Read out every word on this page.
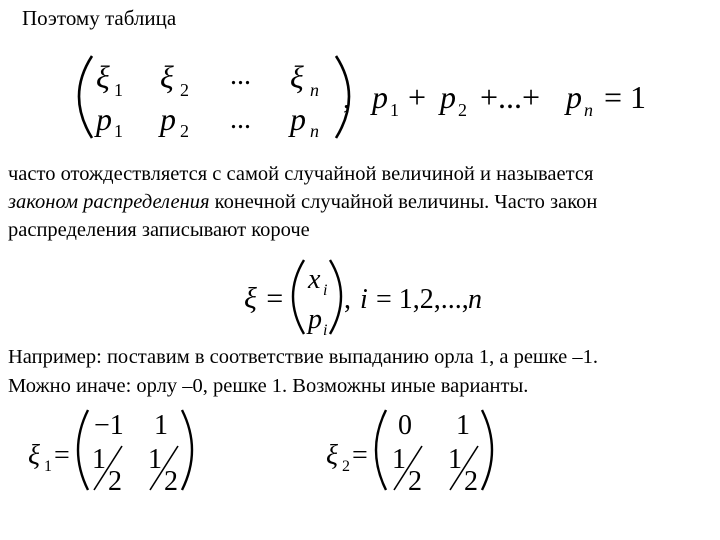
Поэтому таблица
ξ 1 ξ 2 ... ξ n
p 1 p 2 ... p n
, p 1 + p 2 +...+ p n = 1
ξ =
x i
p i
, i = 1,2,..., n
ξ 1 =
−1 1
1
2
1
2
ξ 2 =
0 1
1
2
1
2
часто отождествляется с самой случайной величиной и называется
законом распределения конечной случайной величины. Часто закон
распределения записывают короче
Например: поставим в соответствие выпаданию орла 1, а решке –1.
Можно иначе: орлу –0, решке 1. Возможны иные варианты.
